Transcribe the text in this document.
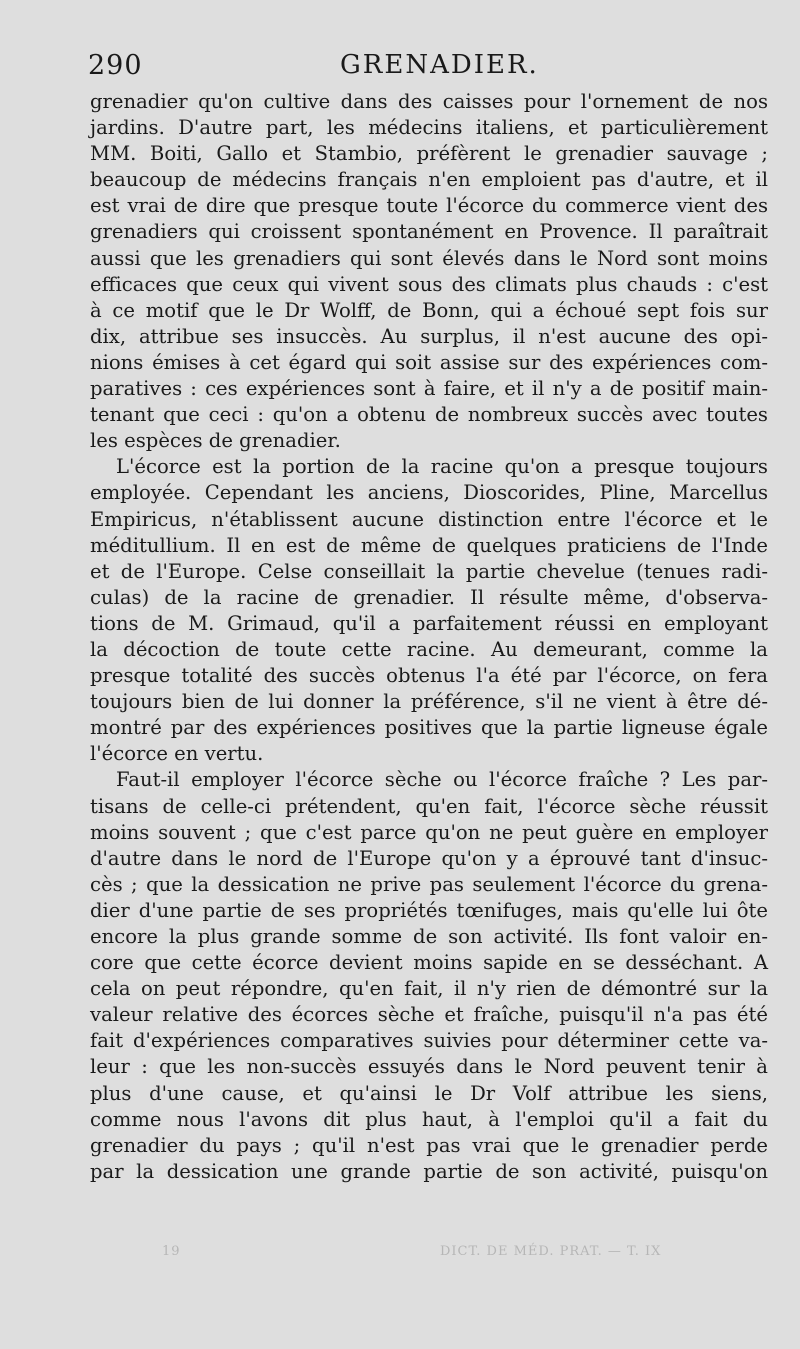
290	GRENADIER.
grenadier qu'on cultive dans des caisses pour l'ornement de nos
jardins. D'autre part, les médecins italiens, et particulièrement
MM. Boiti, Gallo et Stambio, préfèrent le grenadier sauvage ;
beaucoup de médecins français n'en emploient pas d'autre, et il
est vrai de dire que presque toute l'écorce du commerce vient des
grenadiers qui croissent spontanément en Provence. Il paraîtrait
aussi que les grenadiers qui sont élevés dans le Nord sont moins
efficaces que ceux qui vivent sous des climats plus chauds : c'est
à ce motif que le Dr Wolff, de Bonn, qui a échoué sept fois sur
dix, attribue ses insuccès. Au surplus, il n'est aucune des opi-
nions émises à cet égard qui soit assise sur des expériences com-
paratives : ces expériences sont à faire, et il n'y a de positif main-
tenant que ceci : qu'on a obtenu de nombreux succès avec toutes
les espèces de grenadier.
L'écorce est la portion de la racine qu'on a presque toujours
employée. Cependant les anciens, Dioscorides, Pline, Marcellus
Empiricus, n'établissent aucune distinction entre l'écorce et le
méditullium. Il en est de même de quelques praticiens de l'Inde
et de l'Europe. Celse conseillait la partie chevelue (tenues radi-
culas) de la racine de grenadier. Il résulte même, d'observa-
tions de M. Grimaud, qu'il a parfaitement réussi en employant
la décoction de toute cette racine. Au demeurant, comme la
presque totalité des succès obtenus l'a été par l'écorce, on fera
toujours bien de lui donner la préférence, s'il ne vient à être dé-
montré par des expériences positives que la partie ligneuse égale
l'écorce en vertu.
Faut-il employer l'écorce sèche ou l'écorce fraîche ? Les par-
tisans de celle-ci prétendent, qu'en fait, l'écorce sèche réussit
moins souvent ; que c'est parce qu'on ne peut guère en employer
d'autre dans le nord de l'Europe qu'on y a éprouvé tant d'insuc-
cès ; que la dessication ne prive pas seulement l'écorce du grena-
dier d'une partie de ses propriétés tœnifuges, mais qu'elle lui ôte
encore la plus grande somme de son activité. Ils font valoir en-
core que cette écorce devient moins sapide en se desséchant. A
cela on peut répondre, qu'en fait, il n'y rien de démontré sur la
valeur relative des écorces sèche et fraîche, puisqu'il n'a pas été
fait d'expériences comparatives suivies pour déterminer cette va-
leur : que les non-succès essuyés dans le Nord peuvent tenir à
plus d'une cause, et qu'ainsi le Dr Volf attribue les siens,
comme nous l'avons dit plus haut, à l'emploi qu'il a fait du
grenadier du pays ; qu'il n'est pas vrai que le grenadier perde
par la dessication une grande partie de son activité, puisqu'on
19	DICT. DE MÉD. PRAT. — T. IX
